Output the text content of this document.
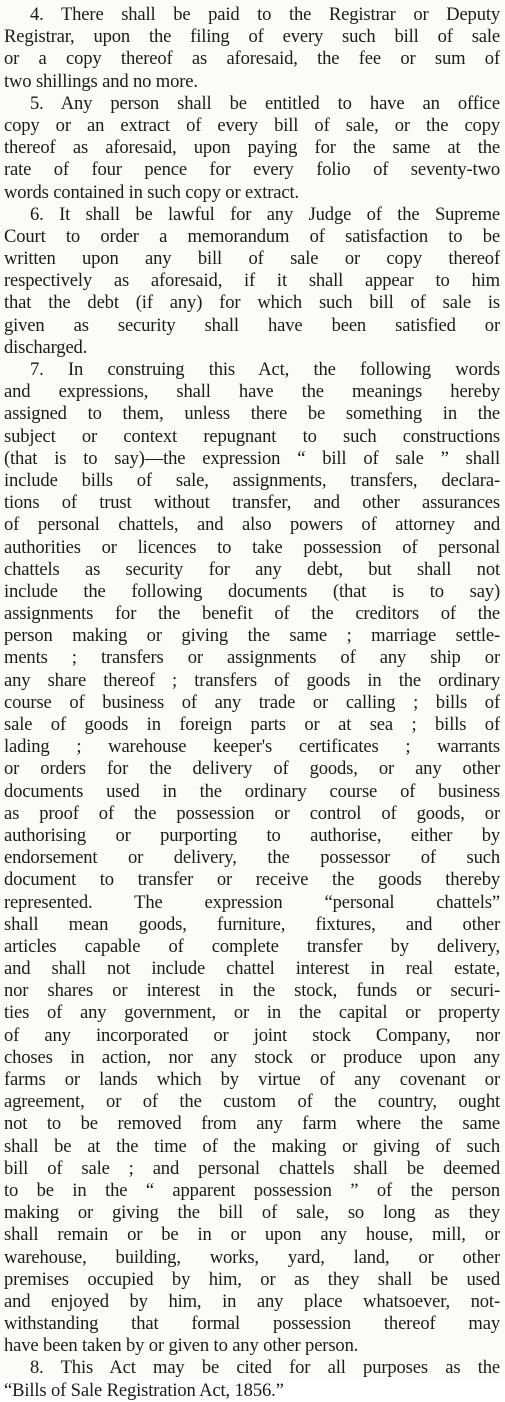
4. There shall be paid to the Registrar or Deputy
Registrar, upon the filing of every such bill of sale
or a copy thereof as aforesaid, the fee or sum of
two shillings and no more.
5. Any person shall be entitled to have an office
copy or an extract of every bill of sale, or the copy
thereof as aforesaid, upon paying for the same at the
rate of four pence for every folio of seventy-two
words contained in such copy or extract.
6. It shall be lawful for any Judge of the Supreme
Court to order a memorandum of satisfaction to be
written upon any bill of sale or copy thereof
respectively as aforesaid, if it shall appear to him
that the debt (if any) for which such bill of sale is
given as security shall have been satisfied or
discharged.
7. In construing this Act, the following words
and expressions, shall have the meanings hereby
assigned to them, unless there be something in the
subject or context repugnant to such constructions
(that is to say)—the expression “ bill of sale ” shall
include bills of sale, assignments, transfers, declara-
tions of trust without transfer, and other assurances
of personal chattels, and also powers of attorney and
authorities or licences to take possession of personal
chattels as security for any debt, but shall not
include the following documents (that is to say)
assignments for the benefit of the creditors of the
person making or giving the same ; marriage settle-
ments ; transfers or assignments of any ship or
any share thereof ; transfers of goods in the ordinary
course of business of any trade or calling ; bills of
sale of goods in foreign parts or at sea ; bills of
lading ; warehouse keeper's certificates ; warrants
or orders for the delivery of goods, or any other
documents used in the ordinary course of business
as proof of the possession or control of goods, or
authorising or purporting to authorise, either by
endorsement or delivery, the possessor of such
document to transfer or receive the goods thereby
represented. The expression “personal chattels”
shall mean goods, furniture, fixtures, and other
articles capable of complete transfer by delivery,
and shall not include chattel interest in real estate,
nor shares or interest in the stock, funds or securi-
ties of any government, or in the capital or property
of any incorporated or joint stock Company, nor
choses in action, nor any stock or produce upon any
farms or lands which by virtue of any covenant or
agreement, or of the custom of the country, ought
not to be removed from any farm where the same
shall be at the time of the making or giving of such
bill of sale ; and personal chattels shall be deemed
to be in the “ apparent possession ” of the person
making or giving the bill of sale, so long as they
shall remain or be in or upon any house, mill, or
warehouse, building, works, yard, land, or other
premises occupied by him, or as they shall be used
and enjoyed by him, in any place whatsoever, not-
withstanding that formal possession thereof may
have been taken by or given to any other person.
8. This Act may be cited for all purposes as the
“Bills of Sale Registration Act, 1856.”
